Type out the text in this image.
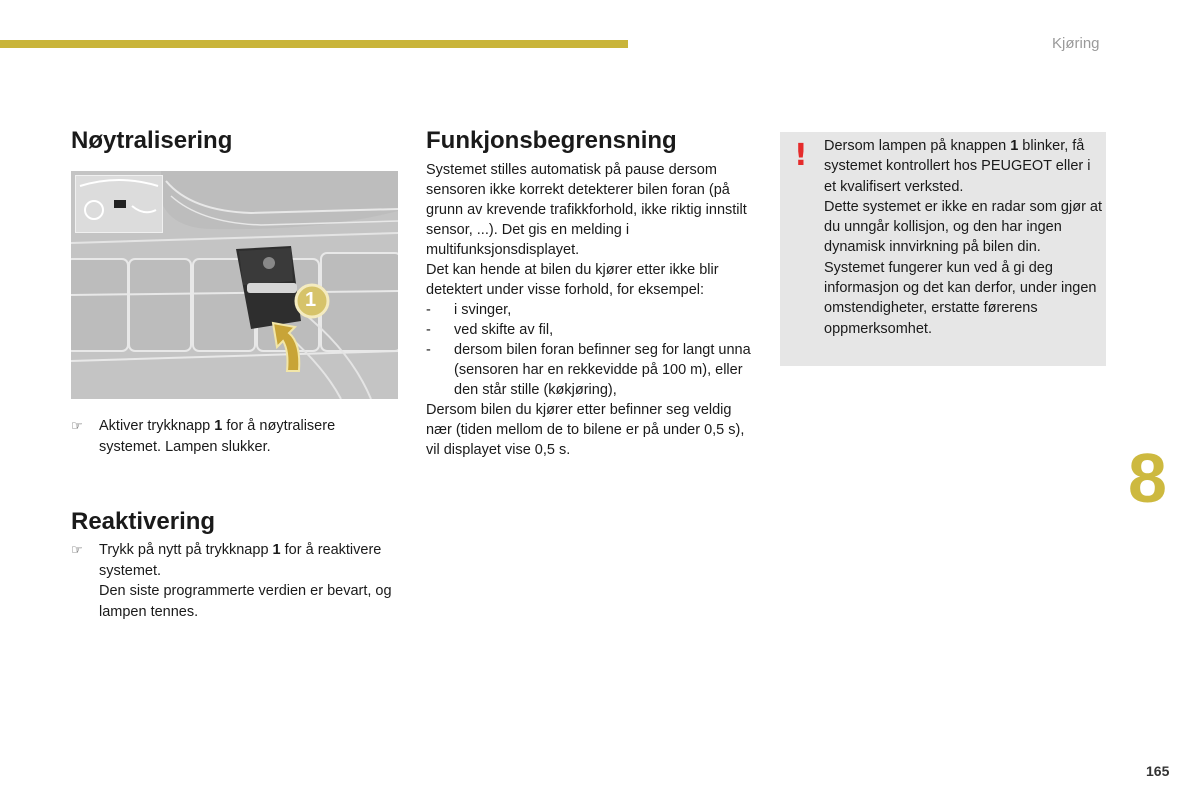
Kjøring
Nøytralisering
1
☞	Aktiver trykknapp 1 for å nøytralisere systemet. Lampen slukker.
Reaktivering
☞	Trykk på nytt på trykknapp 1 for å reaktivere systemet.
Den siste programmerte verdien er bevart, og lampen tennes.
Funkjonsbegrensning
Systemet stilles automatisk på pause dersom sensoren ikke korrekt detekterer bilen foran (på grunn av krevende trafikkforhold, ikke riktig innstilt sensor, ...). Det gis en melding i multifunksjonsdisplayet.
Det kan hende at bilen du kjører etter ikke blir detektert under visse forhold, for eksempel:
-	i svinger,
-	ved skifte av fil,
-	dersom bilen foran befinner seg for langt unna (sensoren har en rekkevidde på 100 m), eller den står stille (køkjøring),
Dersom bilen du kjører etter befinner seg veldig nær (tiden mellom de to bilene er på under 0,5 s), vil displayet vise 0,5 s.
! Dersom lampen på knappen 1 blinker, få systemet kontrollert hos PEUGEOT eller i et kvalifisert verksted.
Dette systemet er ikke en radar som gjør at du unngår kollisjon, og den har ingen dynamisk innvirkning på bilen din. Systemet fungerer kun ved å gi deg informasjon og det kan derfor, under ingen omstendigheter, erstatte førerens oppmerksomhet.
8
165
